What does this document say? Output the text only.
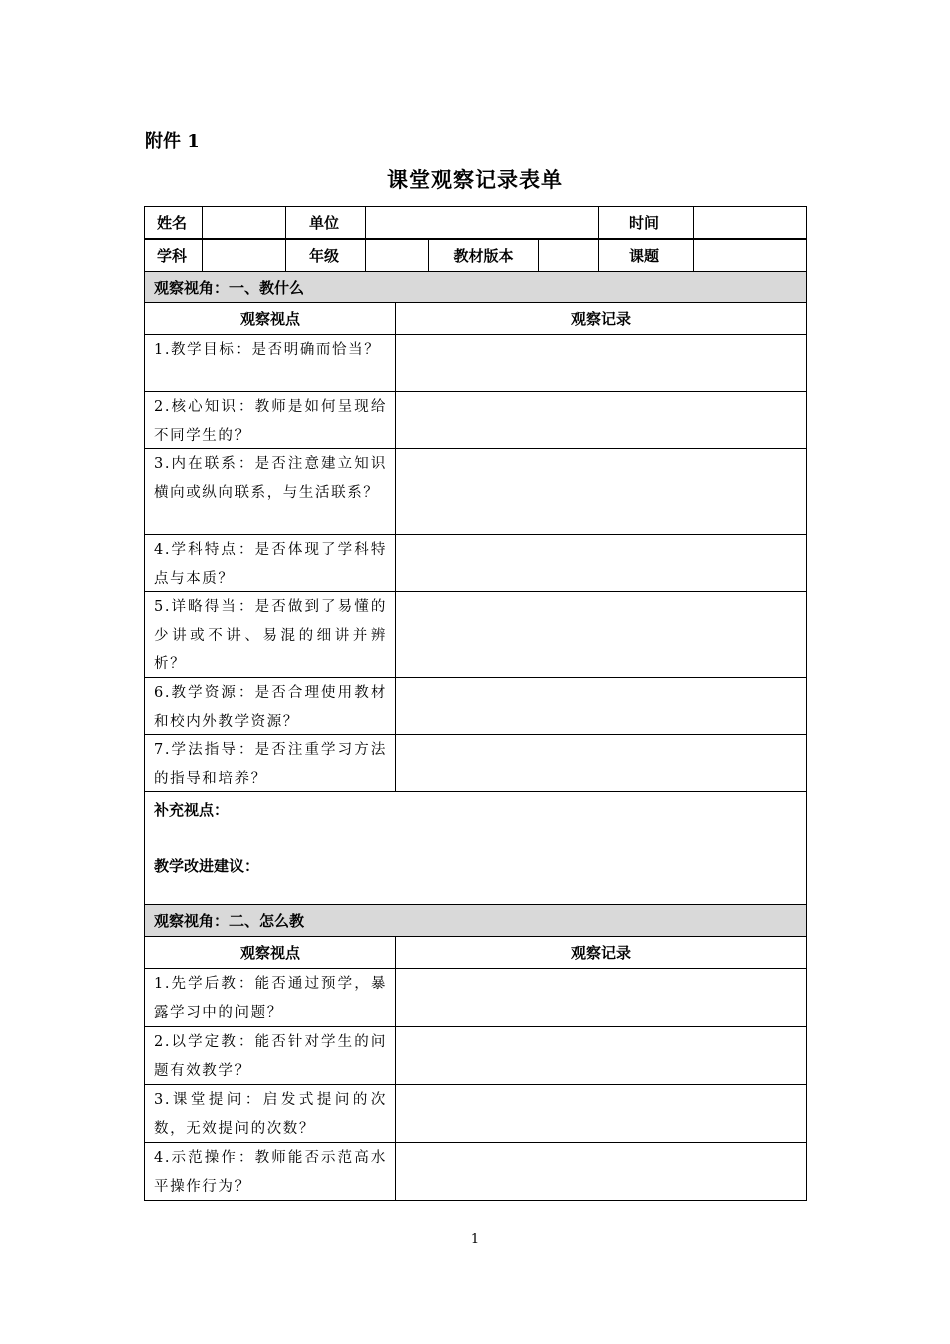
附件 1
课堂观察记录表单
姓名	单位	时间
学科	年级	教材版本	课题
观察视角：一、教什么
观察视点	观察记录
1.教学目标：是否明确而恰当？
2.核心知识：教师是如何呈现给不同学生的？
3.内在联系：是否注意建立知识横向或纵向联系，与生活联系？
4.学科特点：是否体现了学科特点与本质？
5.详略得当：是否做到了易懂的少讲或不讲、易混的细讲并辨析？
6.教学资源：是否合理使用教材和校内外教学资源？
7.学法指导：是否注重学习方法的指导和培养？

补充视点：

教学改进建议：

观察视角：二、怎么教
观察视点	观察记录
1.先学后教：能否通过预学，暴露学习中的问题？
2.以学定教：能否针对学生的问题有效教学？
3.课堂提问：启发式提问的次数，无效提问的次数？
4.示范操作：教师能否示范高水平操作行为？
1
